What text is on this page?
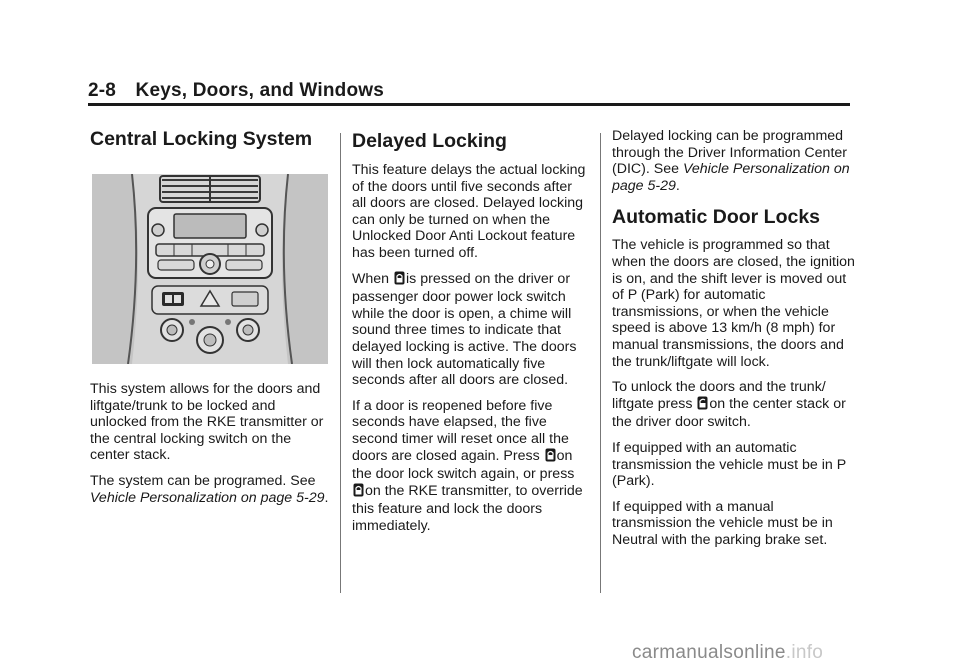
2-8 Keys, Doors, and Windows
Central Locking System

This system allows for the doors and liftgate/trunk to be locked and unlocked from the RKE transmitter or the central locking switch on the center stack.

The system can be programed. See Vehicle Personalization on page 5-29.

Delayed Locking

This feature delays the actual locking of the doors until five seconds after all doors are closed. Delayed locking can only be turned on when the Unlocked Door Anti Lockout feature has been turned off.

When is pressed on the driver or passenger door power lock switch while the door is open, a chime will sound three times to indicate that delayed locking is active. The doors will then lock automatically five seconds after all doors are closed.

If a door is reopened before five seconds have elapsed, the five second timer will reset once all the doors are closed again. Press on the door lock switch again, or press on the RKE transmitter, to override this feature and lock the doors immediately.

Delayed locking can be programmed through the Driver Information Center (DIC). See Vehicle Personalization on page 5-29.

Automatic Door Locks

The vehicle is programmed so that when the doors are closed, the ignition is on, and the shift lever is moved out of P (Park) for automatic transmissions, or when the vehicle speed is above 13 km/h (8 mph) for manual transmissions, the doors and the trunk/liftgate will lock.

To unlock the doors and the trunk/ liftgate press on the center stack or the driver door switch.

If equipped with an automatic transmission the vehicle must be in P (Park).

If equipped with a manual transmission the vehicle must be in Neutral with the parking brake set.

carmanualsonline.info
